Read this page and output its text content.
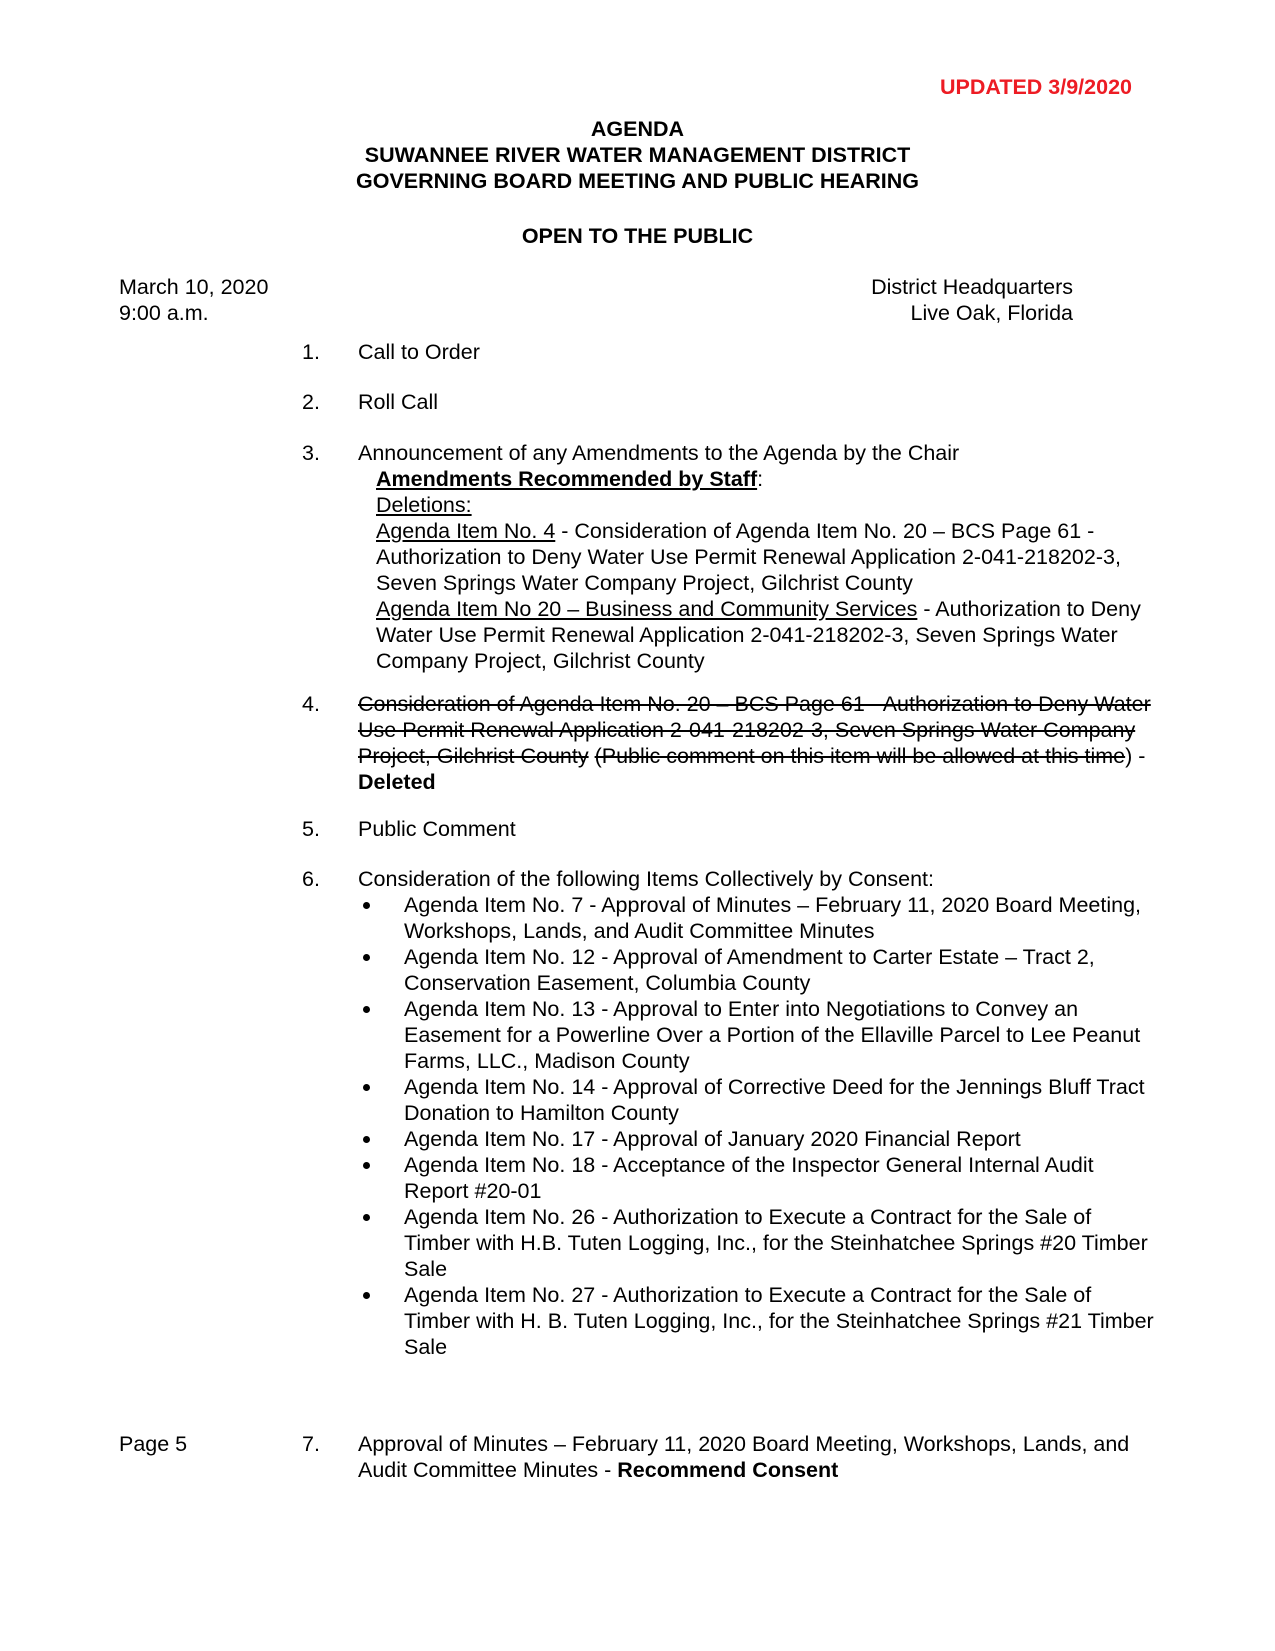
UPDATED 3/9/2020
AGENDA
SUWANNEE RIVER WATER MANAGEMENT DISTRICT
GOVERNING BOARD MEETING AND PUBLIC HEARING
OPEN TO THE PUBLIC
March 10, 2020
9:00 a.m.
District Headquarters
Live Oak, Florida
1. Call to Order
2. Roll Call
3. Announcement of any Amendments to the Agenda by the Chair
Amendments Recommended by Staff:
Deletions:
Agenda Item No. 4 - Consideration of Agenda Item No. 20 – BCS Page 61 - Authorization to Deny Water Use Permit Renewal Application 2-041-218202-3, Seven Springs Water Company Project, Gilchrist County
Agenda Item No 20 – Business and Community Services - Authorization to Deny Water Use Permit Renewal Application 2-041-218202-3, Seven Springs Water Company Project, Gilchrist County
4. Consideration of Agenda Item No. 20 – BCS Page 61 - Authorization to Deny Water Use Permit Renewal Application 2-041-218202-3, Seven Springs Water Company Project, Gilchrist County (Public comment on this item will be allowed at this time) - Deleted
5. Public Comment
6. Consideration of the following Items Collectively by Consent:
Agenda Item No. 7 - Approval of Minutes – February 11, 2020 Board Meeting, Workshops, Lands, and Audit Committee Minutes
Agenda Item No. 12 - Approval of Amendment to Carter Estate – Tract 2, Conservation Easement, Columbia County
Agenda Item No. 13 - Approval to Enter into Negotiations to Convey an Easement for a Powerline Over a Portion of the Ellaville Parcel to Lee Peanut Farms, LLC., Madison County
Agenda Item No. 14 - Approval of Corrective Deed for the Jennings Bluff Tract Donation to Hamilton County
Agenda Item No. 17 - Approval of January 2020 Financial Report
Agenda Item No. 18 - Acceptance of the Inspector General Internal Audit Report #20-01
Agenda Item No. 26 - Authorization to Execute a Contract for the Sale of Timber with H.B. Tuten Logging, Inc., for the Steinhatchee Springs #20 Timber Sale
Agenda Item No. 27 - Authorization to Execute a Contract for the Sale of Timber with H. B. Tuten Logging, Inc., for the Steinhatchee Springs #21 Timber Sale
Page 5	7. Approval of Minutes – February 11, 2020 Board Meeting, Workshops, Lands, and Audit Committee Minutes - Recommend Consent
